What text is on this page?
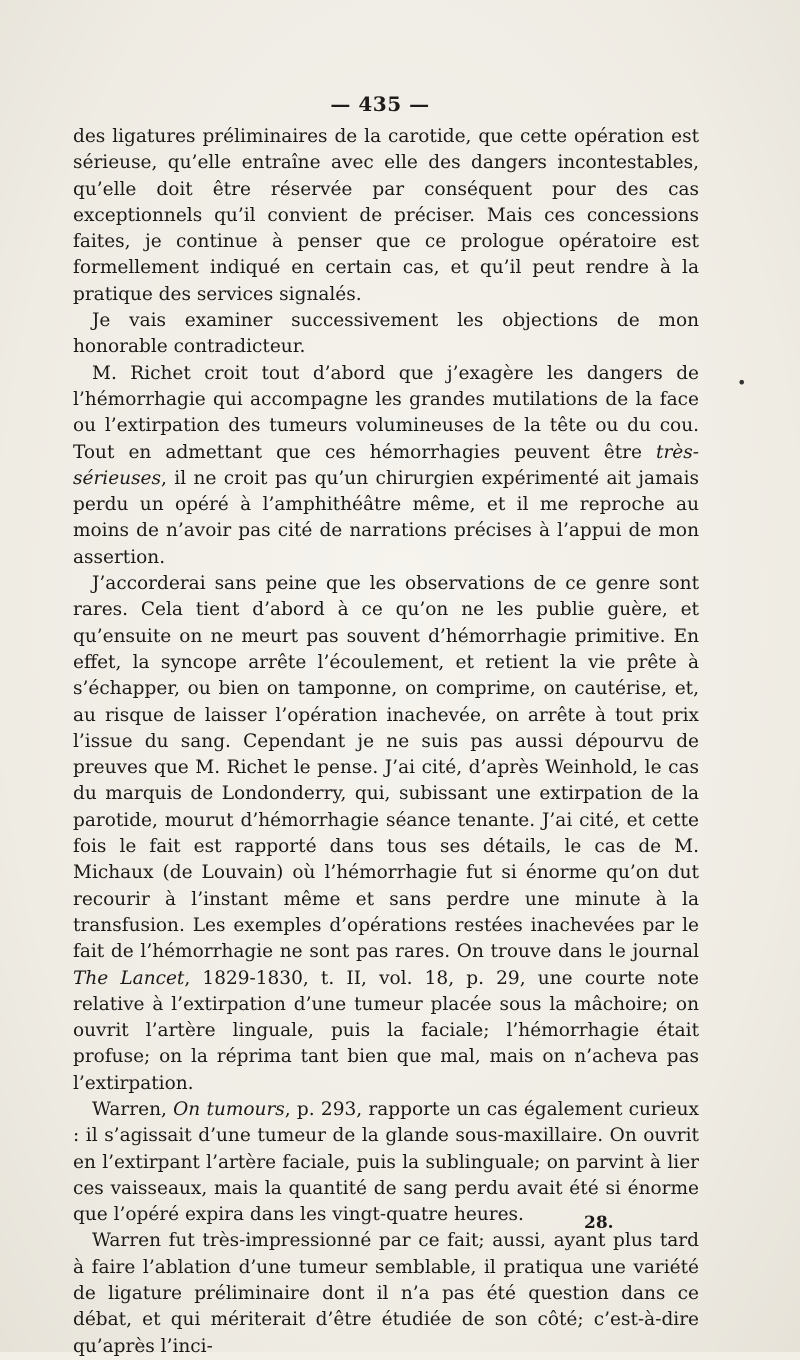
— 435 —

des ligatures préliminaires de la carotide, que cette opération est sérieuse, qu’elle entraîne avec elle des dangers incontestables, qu’elle doit être réservée par conséquent pour des cas exceptionnels qu’il convient de préciser. Mais ces concessions faites, je continue à penser que ce prologue opératoire est formellement indiqué en certain cas, et qu’il peut rendre à la pratique des services signalés.

Je vais examiner successivement les objections de mon honorable contradicteur.

M. Richet croit tout d’abord que j’exagère les dangers de l’hémorrhagie qui accompagne les grandes mutilations de la face ou l’extirpation des tumeurs volumineuses de la tête ou du cou. Tout en admettant que ces hémorrhagies peuvent être très-sérieuses, il ne croit pas qu’un chirurgien expérimenté ait jamais perdu un opéré à l’amphithéâtre même, et il me reproche au moins de n’avoir pas cité de narrations précises à l’appui de mon assertion.

J’accorderai sans peine que les observations de ce genre sont rares. Cela tient d’abord à ce qu’on ne les publie guère, et qu’ensuite on ne meurt pas souvent d’hémorrhagie primitive. En effet, la syncope arrête l’écoulement, et retient la vie prête à s’échapper, ou bien on tamponne, on comprime, on cautérise, et, au risque de laisser l’opération inachevée, on arrête à tout prix l’issue du sang. Cependant je ne suis pas aussi dépourvu de preuves que M. Richet le pense. J’ai cité, d’après Weinhold, le cas du marquis de Londonderry, qui, subissant une extirpation de la parotide, mourut d’hémorrhagie séance tenante. J’ai cité, et cette fois le fait est rapporté dans tous ses détails, le cas de M. Michaux (de Louvain) où l’hémorrhagie fut si énorme qu’on dut recourir à l’instant même et sans perdre une minute à la transfusion. Les exemples d’opérations restées inachevées par le fait de l’hémorrhagie ne sont pas rares. On trouve dans le journal The Lancet, 1829-1830, t. II, vol. 18, p. 29, une courte note relative à l’extirpation d’une tumeur placée sous la mâchoire; on ouvrit l’artère linguale, puis la faciale; l’hémorrhagie était profuse; on la réprima tant bien que mal, mais on n’acheva pas l’extirpation.

Warren, On tumours, p. 293, rapporte un cas également curieux : il s’agissait d’une tumeur de la glande sous-maxillaire. On ouvrit en l’extirpant l’artère faciale, puis la sublinguale; on parvint à lier ces vaisseaux, mais la quantité de sang perdu avait été si énorme que l’opéré expira dans les vingt-quatre heures.

Warren fut très-impressionné par ce fait; aussi, ayant plus tard à faire l’ablation d’une tumeur semblable, il pratiqua une variété de ligature préliminaire dont il n’a pas été question dans ce débat, et qui mériterait d’être étudiée de son côté; c’est-à-dire qu’après l’inci-

•
28.
